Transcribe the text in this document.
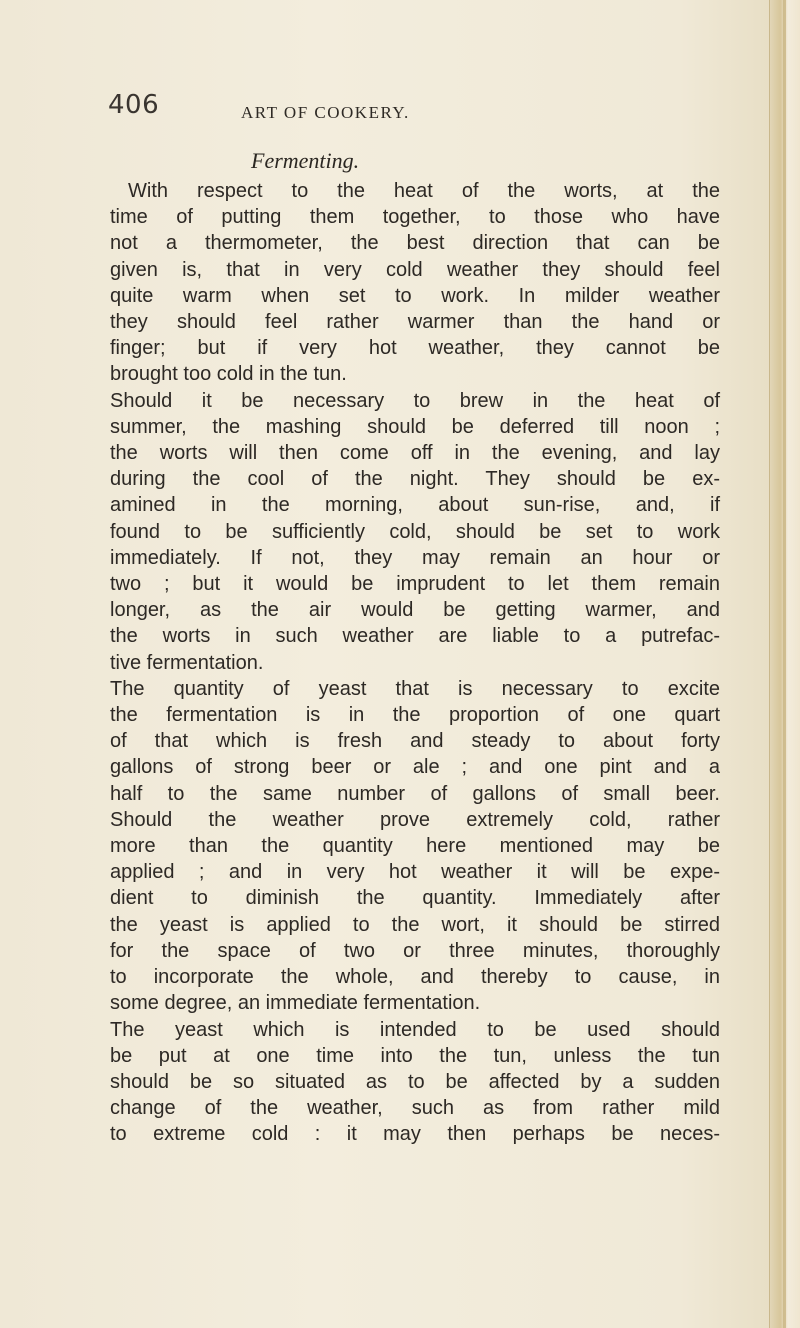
406	ART OF COOKERY.
Fermenting.
With respect to the heat of the worts, at the
time of putting them together, to those who have
not a thermometer, the best direction that can be
given is, that in very cold weather they should feel
quite warm when set to work. In milder weather
they should feel rather warmer than the hand or
finger; but if very hot weather, they cannot be
brought too cold in the tun.
Should it be necessary to brew in the heat of
summer, the mashing should be deferred till noon ;
the worts will then come off in the evening, and lay
during the cool of the night. They should be ex-
amined in the morning, about sun-rise, and, if
found to be sufficiently cold, should be set to work
immediately. If not, they may remain an hour or
two ; but it would be imprudent to let them remain
longer, as the air would be getting warmer, and
the worts in such weather are liable to a putrefac-
tive fermentation.
The quantity of yeast that is necessary to excite
the fermentation is in the proportion of one quart
of that which is fresh and steady to about forty
gallons of strong beer or ale ; and one pint and a
half to the same number of gallons of small beer.
Should the weather prove extremely cold, rather
more than the quantity here mentioned may be
applied ; and in very hot weather it will be expe-
dient to diminish the quantity. Immediately after
the yeast is applied to the wort, it should be stirred
for the space of two or three minutes, thoroughly
to incorporate the whole, and thereby to cause, in
some degree, an immediate fermentation.
The yeast which is intended to be used should
be put at one time into the tun, unless the tun
should be so situated as to be affected by a sudden
change of the weather, such as from rather mild
to extreme cold : it may then perhaps be neces-
